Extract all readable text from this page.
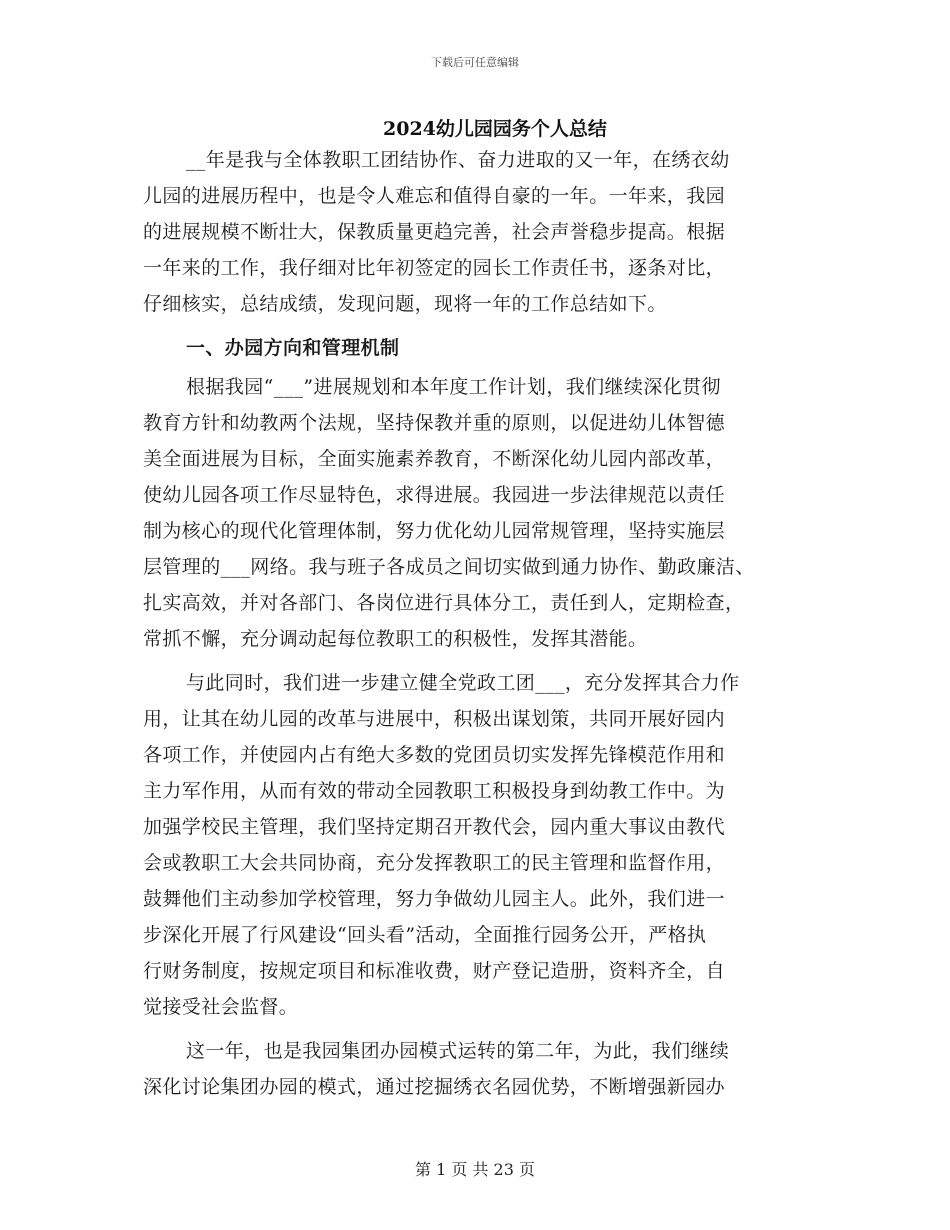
下载后可任意编辑
2024幼儿园园务个人总结
__年是我与全体教职工团结协作、奋力进取的又一年，在绣衣幼
儿园的进展历程中，也是令人难忘和值得自豪的一年。一年来，我园
的进展规模不断壮大，保教质量更趋完善，社会声誉稳步提高。根据
一年来的工作，我仔细对比年初签定的园长工作责任书，逐条对比，
仔细核实，总结成绩，发现问题，现将一年的工作总结如下。
一、办园方向和管理机制
根据我园“___”进展规划和本年度工作计划，我们继续深化贯彻
教育方针和幼教两个法规，坚持保教并重的原则，以促进幼儿体智德
美全面进展为目标，全面实施素养教育，不断深化幼儿园内部改革，
使幼儿园各项工作尽显特色，求得进展。我园进一步法律规范以责任
制为核心的现代化管理体制，努力优化幼儿园常规管理，坚持实施层
层管理的___网络。我与班子各成员之间切实做到通力协作、勤政廉洁、
扎实高效，并对各部门、各岗位进行具体分工，责任到人，定期检查，
常抓不懈，充分调动起每位教职工的积极性，发挥其潜能。
与此同时，我们进一步建立健全党政工团___，充分发挥其合力作
用，让其在幼儿园的改革与进展中，积极出谋划策，共同开展好园内
各项工作，并使园内占有绝大多数的党团员切实发挥先锋模范作用和
主力军作用，从而有效的带动全园教职工积极投身到幼教工作中。为
加强学校民主管理，我们坚持定期召开教代会，园内重大事议由教代
会或教职工大会共同协商，充分发挥教职工的民主管理和监督作用，
鼓舞他们主动参加学校管理，努力争做幼儿园主人。此外，我们进一
步深化开展了行风建设“回头看”活动，全面推行园务公开，严格执
行财务制度，按规定项目和标准收费，财产登记造册，资料齐全，自
觉接受社会监督。
这一年，也是我园集团办园模式运转的第二年，为此，我们继续
深化讨论集团办园的模式，通过挖掘绣衣名园优势，不断增强新园办
第 1 页 共 23 页
